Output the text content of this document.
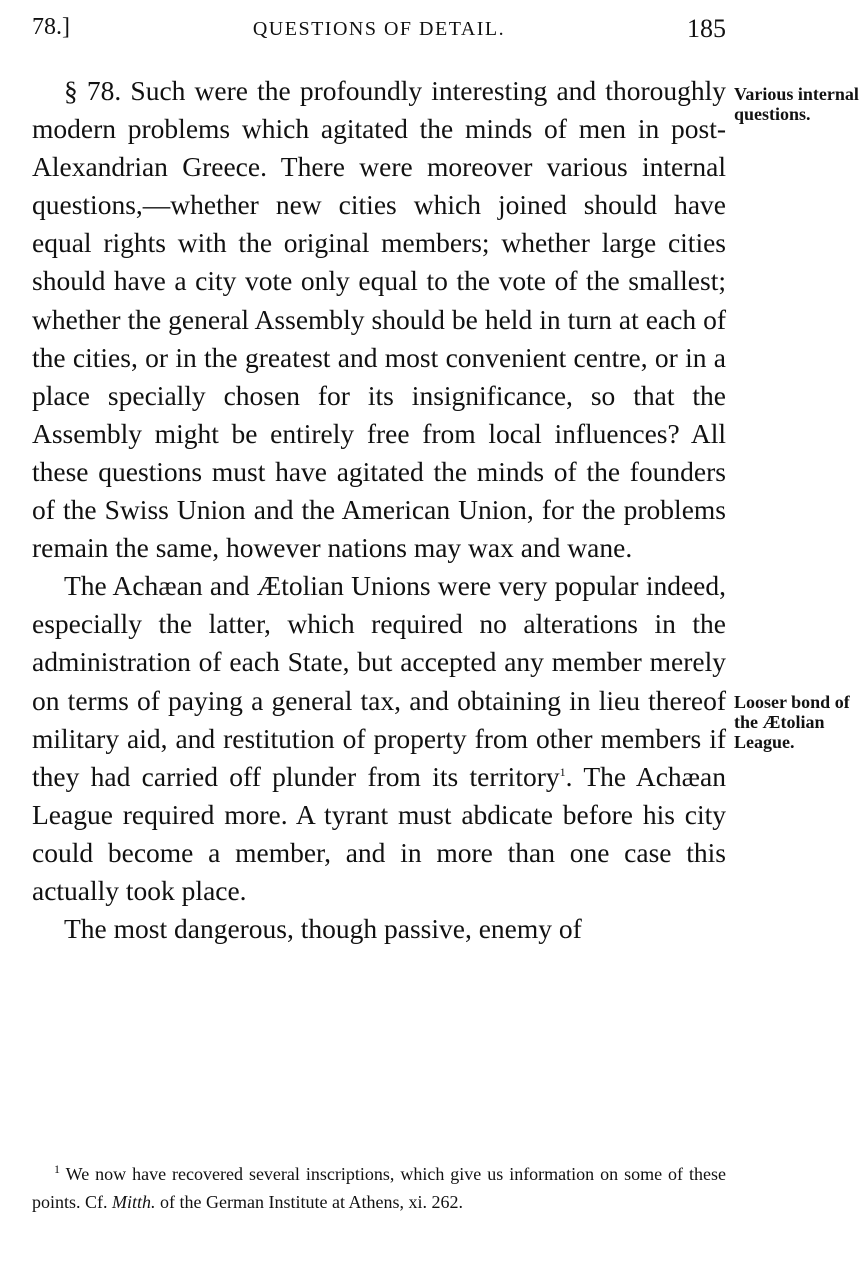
78.]	QUESTIONS OF DETAIL.	185

§ 78. Such were the profoundly interesting and thoroughly modern problems which agitated the minds of men in post-Alexandrian Greece. There were moreover various internal questions,—whether new cities which joined should have equal rights with the original members; whether large cities should have a city vote only equal to the vote of the smallest; whether the general Assembly should be held in turn at each of the cities, or in the greatest and most convenient centre, or in a place specially chosen for its insignificance, so that the Assembly might be entirely free from local influences? All these questions must have agitated the minds of the founders of the Swiss Union and the American Union, for the problems remain the same, however nations may wax and wane.

The Achæan and Ætolian Unions were very popular indeed, especially the latter, which required no alterations in the administration of each State, but accepted any member merely on terms of paying a general tax, and obtaining in lieu thereof military aid, and restitution of property from other members if they had carried off plunder from its territory$^1$. The Achæan League required more. A tyrant must abdicate before his city could become a member, and in more than one case this actually took place.

The most dangerous, though passive, enemy of

Various internal questions.
Looser bond of the Ætolian League.
$^1$ We now have recovered several inscriptions, which give us information on some of these points. Cf. Mitth. of the German Institute at Athens, xi. 262.
